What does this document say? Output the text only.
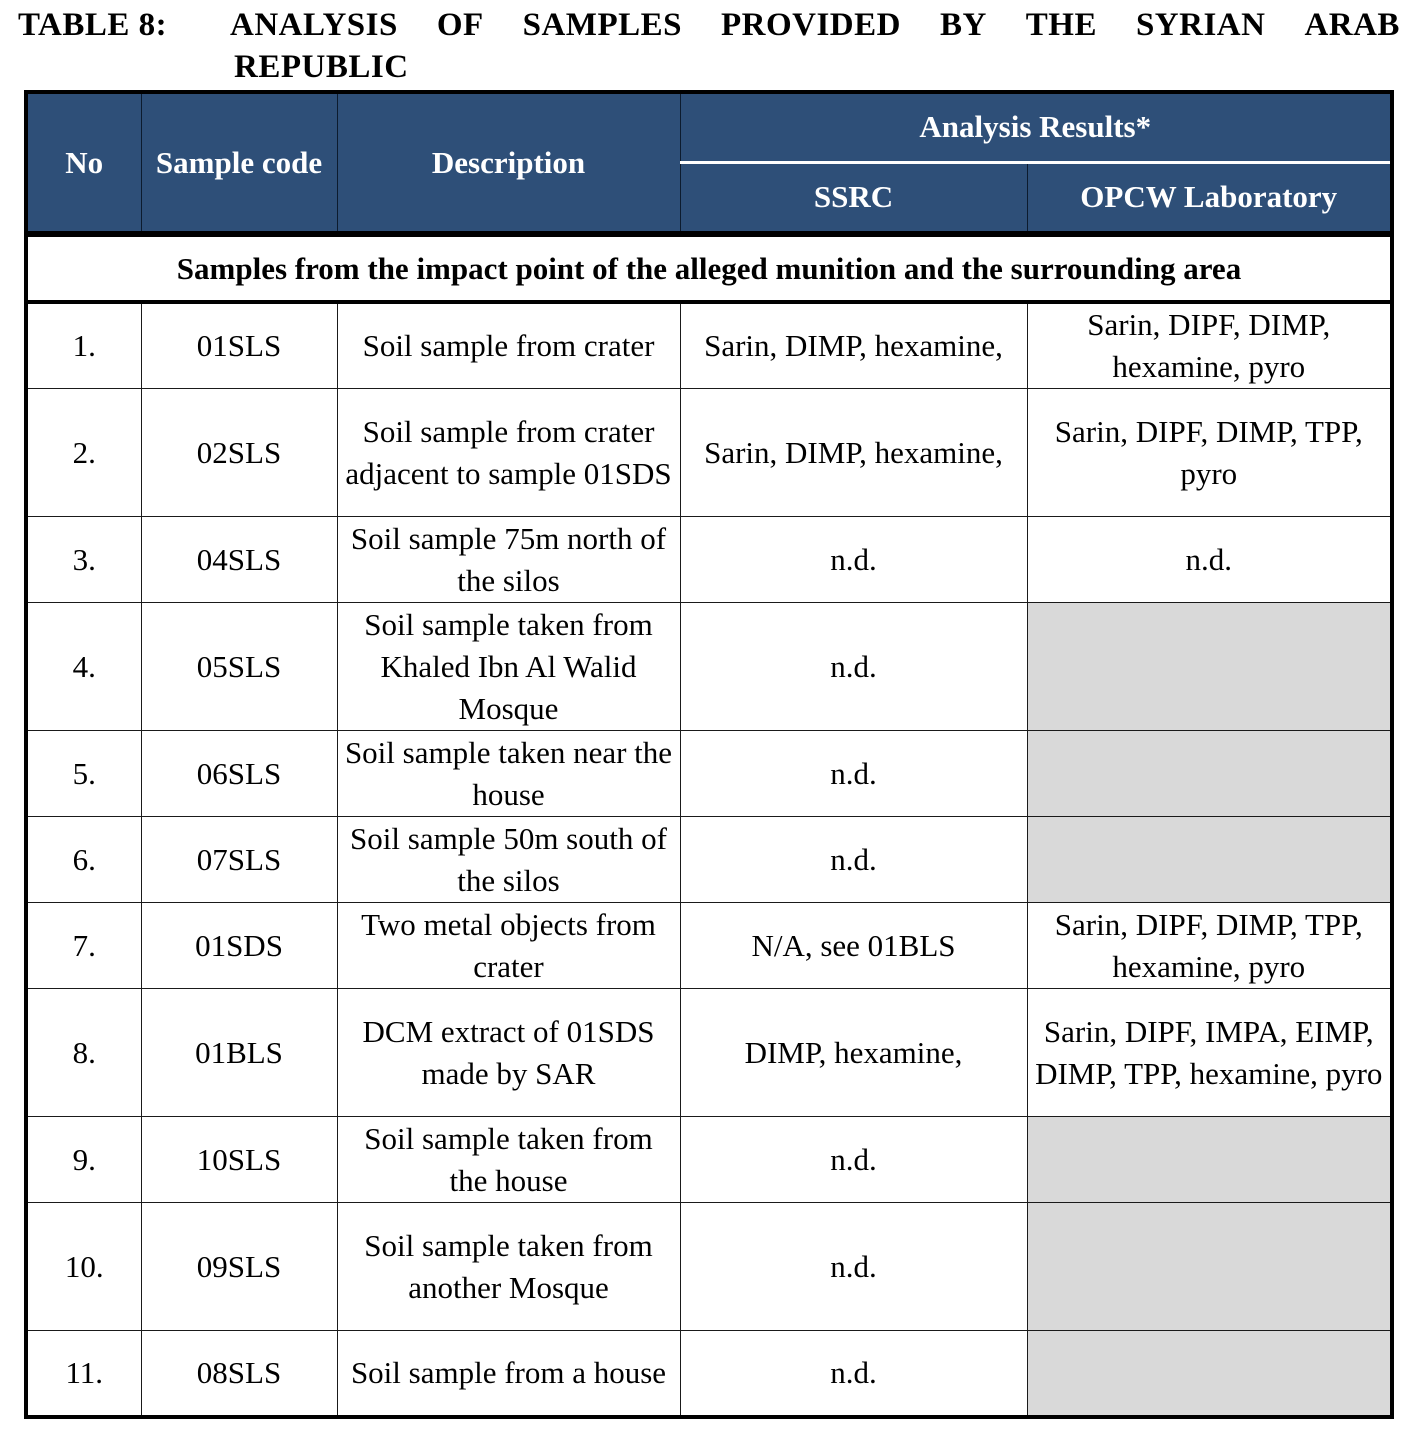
TABLE 8:	ANALYSIS OF SAMPLES PROVIDED BY THE SYRIAN ARAB
REPUBLIC
No	Sample code	Description	Analysis Results*	
			SSRC	OPCW Laboratory
Samples from the impact point of the alleged munition and the surrounding area				
1.	01SLS	Soil sample from crater	Sarin, DIMP, hexamine,	Sarin, DIPF, DIMP, hexamine, pyro
2.	02SLS	Soil sample from crater adjacent to sample 01SDS	Sarin, DIMP, hexamine,	Sarin, DIPF, DIMP, TPP, pyro
3.	04SLS	Soil sample 75m north of the silos	n.d.	n.d.
4.	05SLS	Soil sample taken from Khaled Ibn Al Walid Mosque	n.d.	
5.	06SLS	Soil sample taken near the house	n.d.	
6.	07SLS	Soil sample 50m south of the silos	n.d.	
7.	01SDS	Two metal objects from crater	N/A, see 01BLS	Sarin, DIPF, DIMP, TPP, hexamine, pyro
8.	01BLS	DCM extract of 01SDS made by SAR	DIMP, hexamine,	Sarin, DIPF, IMPA, EIMP, DIMP, TPP, hexamine, pyro
9.	10SLS	Soil sample taken from the house	n.d.	
10.	09SLS	Soil sample taken from another Mosque	n.d.	
11.	08SLS	Soil sample from a house	n.d.	
